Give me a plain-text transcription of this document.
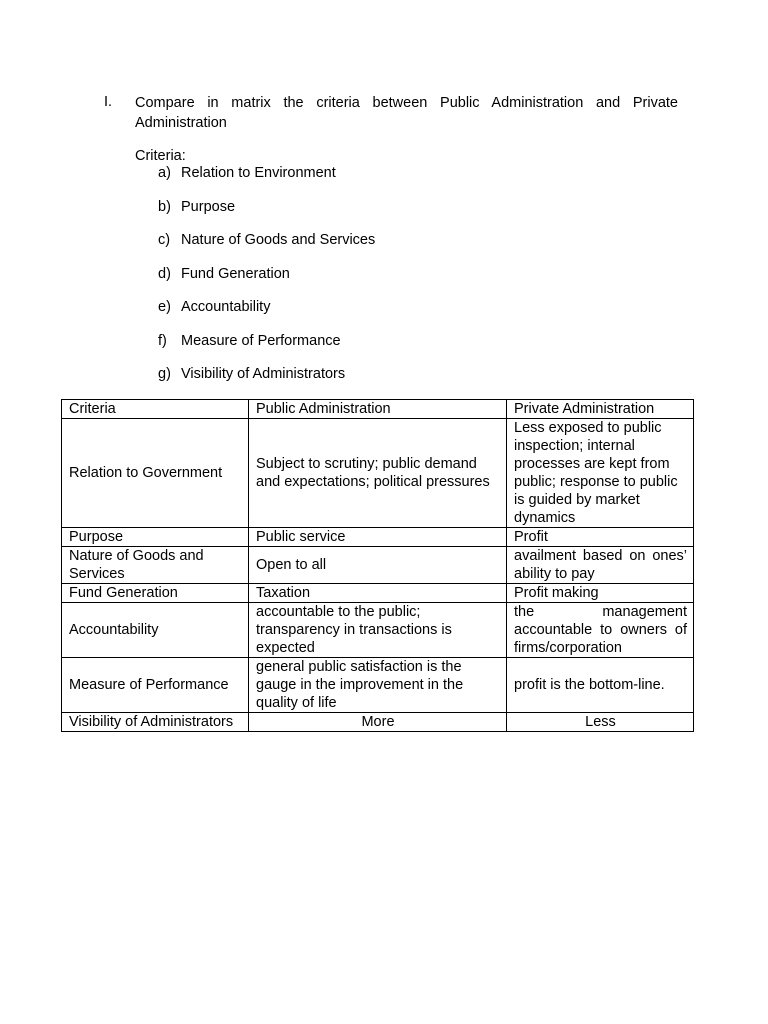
I. Compare in matrix the criteria between Public Administration and Private Administration
Criteria:
a) Relation to Environment
b) Purpose
c) Nature of Goods and Services
d) Fund Generation
e) Accountability
f) Measure of Performance
g) Visibility of Administrators
Criteria	Public Administration	Private Administration
Relation to Government	Subject to scrutiny; public demand and expectations; political pressures	Less exposed to public inspection; internal processes are kept from public; response to public is guided by market dynamics
Purpose	Public service	Profit
Nature of Goods and Services	Open to all	availment based on ones’ ability to pay
Fund Generation	Taxation	Profit making
Accountability	accountable to the public; transparency in transactions is expected	the management accountable to owners of firms/corporation
Measure of Performance	general public satisfaction is the gauge in the improvement in the quality of life	profit is the bottom-line.
Visibility of Administrators	More	Less
